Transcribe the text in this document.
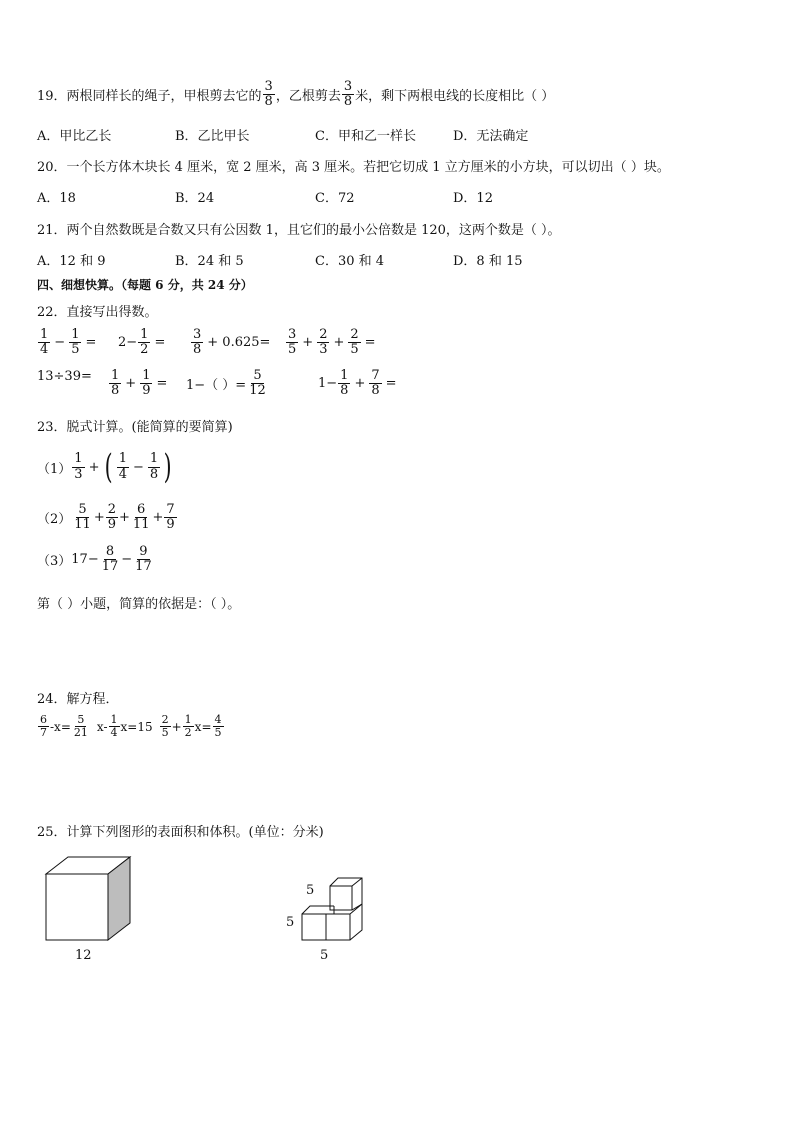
19．两根同样长的绳子，甲根剪去它的 $\frac{3}{8}$ ，乙根剪去 $\frac{3}{8}$ 米，剩下两根电线的长度相比（ ）
A．甲比乙长	B．乙比甲长	C．甲和乙一样长	D．无法确定
20．一个长方体木块长 4 厘米，宽 2 厘米，高 3 厘米。若把它切成 1 立方厘米的小方块，可以切出（ ）块。
A．18	B．24	C．72	D．12
21．两个自然数既是合数又只有公因数 1，且它们的最小公倍数是 120，这两个数是（ ）。
A．12 和 9	B．24 和 5	C．30 和 4	D．8 和 15
四、细想快算。（每题 6 分，共 24 分）
22．直接写出得数。
$\frac{1}{4} - \frac{1}{5} = 2- \frac{1}{2} = \frac{3}{8} + 0.625= \frac{3}{5} + \frac{2}{3} + \frac{2}{5}$ =
$13\div 39= \frac{1}{8} + \frac{1}{9} = 1-$（ ）= $\frac{5}{12}$	$1- \frac{1}{8} + \frac{7}{8}$ =
23．脱式计算。(能简算的要简算)
$(1) \frac{1}{3}$ + ( $\frac{1}{4} - \frac{1}{8}$ )
$(2) \frac{5}{11} + \frac{2}{9} + \frac{6}{11} + \frac{7}{9}$
（3） $17- \frac{8}{17} - \frac{9}{17}$
第（ ）小题，简算的依据是：（ ）。
24．解方程．
$\frac{6}{7} -x= \frac{5}{21} x- \frac{1}{4} x=15 \frac{2}{5} + \frac{1}{2} x= \frac{4}{5}$
25．计算下列图形的表面积和体积。(单位：分米)
12
5
5
5
